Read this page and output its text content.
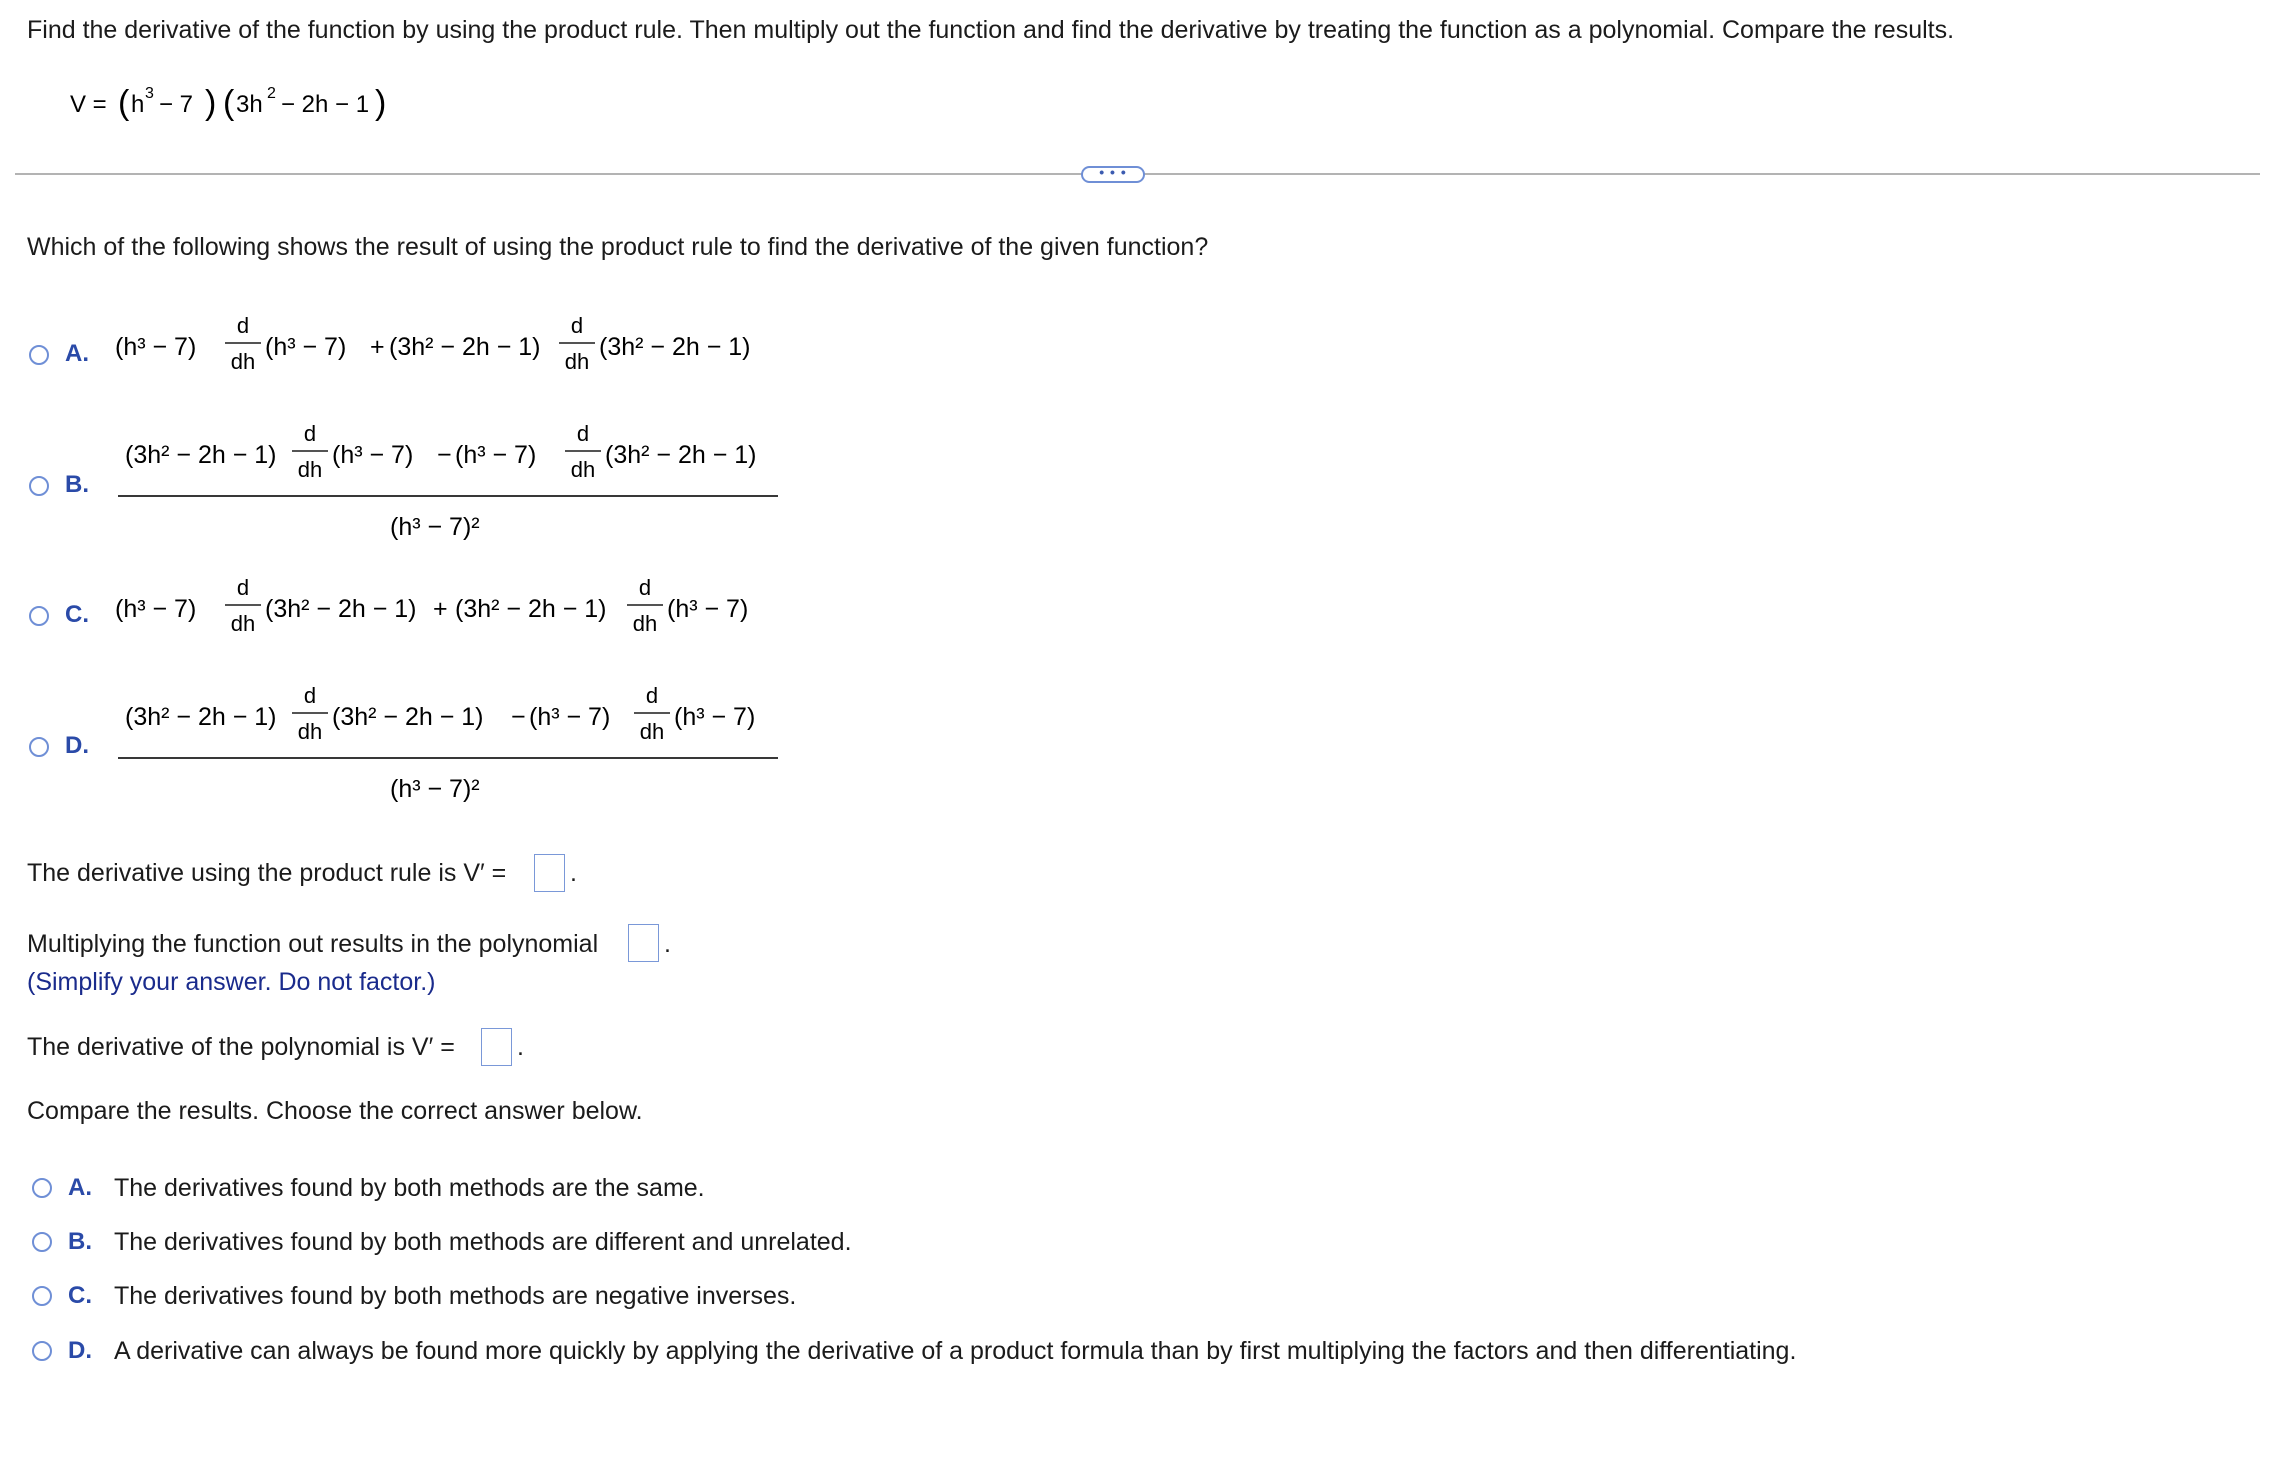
Find the derivative of the function by using the product rule. Then multiply out the function and find the derivative by treating the function as a polynomial. Compare the results.
V = ( h 3 − 7 ) ( 3h 2 − 2h − 1 )
• • •
Which of the following shows the result of using the product rule to find the derivative of the given function?
A. (h³ − 7)
d
dh
(h³ − 7) + (3h² − 2h − 1)
d
dh
(3h² − 2h − 1)
B.
(3h² − 2h − 1)
d
dh
(h³ − 7) − (h³ − 7)
d
dh
(3h² − 2h − 1)
(h³ − 7)²
C. (h³ − 7)
d
dh
(3h² − 2h − 1) + (3h² − 2h − 1)
d
dh
(h³ − 7)
D.
(3h² − 2h − 1)
d
dh
(3h² − 2h − 1) − (h³ − 7)
d
dh
(h³ − 7)
(h³ − 7)²
The derivative using the product rule is V′ =	.
Multiplying the function out results in the polynomial	.
(Simplify your answer. Do not factor.)
The derivative of the polynomial is V′ = .
Compare the results. Choose the correct answer below.
A. The derivatives found by both methods are the same.
B. The derivatives found by both methods are different and unrelated.
C. The derivatives found by both methods are negative inverses.
D. A derivative can always be found more quickly by applying the derivative of a product formula than by first multiplying the factors and then differentiating.
